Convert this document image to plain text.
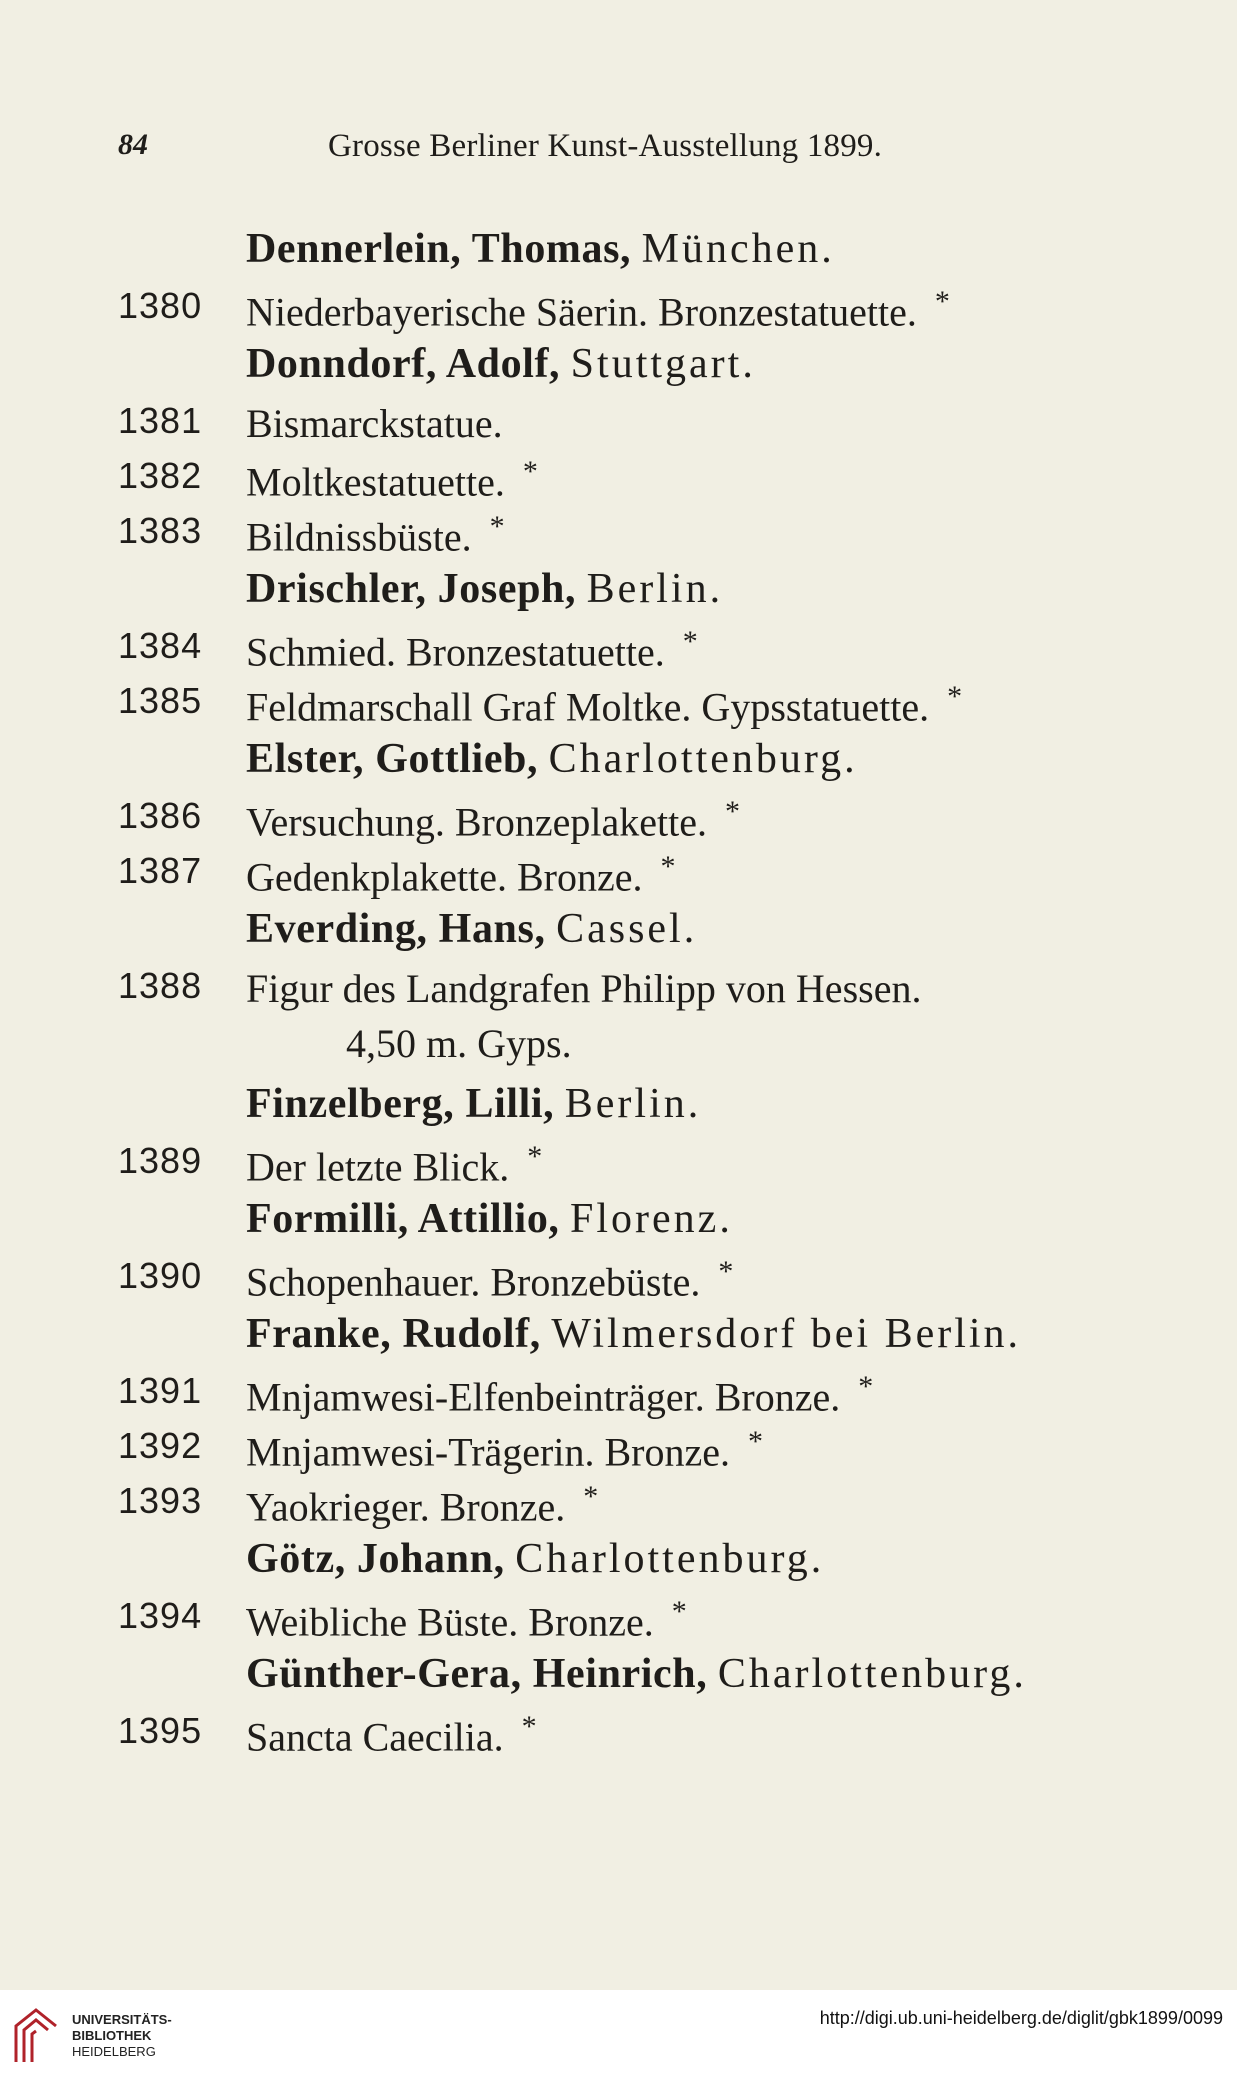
84	Grosse Berliner Kunst-Ausstellung 1899.
Dennerlein, Thomas, München.
1380	Niederbayerische Säerin. Bronzestatuette. *
Donndorf, Adolf, Stuttgart.
1381	Bismarckstatue.
1382	Moltkestatuette. *
1383	Bildnissbüste. *
Drischler, Joseph, Berlin.
1384	Schmied. Bronzestatuette. *
1385	Feldmarschall Graf Moltke. Gypsstatuette. *
Elster, Gottlieb, Charlottenburg.
1386	Versuchung. Bronzeplakette. *
1387	Gedenkplakette. Bronze. *
Everding, Hans, Cassel.
1388	Figur des Landgrafen Philipp von Hessen.
4,50 m. Gyps.
Finzelberg, Lilli, Berlin.
1389	Der letzte Blick. *
Formilli, Attillio, Florenz.
1390	Schopenhauer. Bronzebüste. *
Franke, Rudolf, Wilmersdorf bei Berlin.
1391	Mnjamwesi-Elfenbeinträger. Bronze. *
1392	Mnjamwesi-Trägerin. Bronze. *
1393	Yaokrieger. Bronze. *
Götz, Johann, Charlottenburg.
1394	Weibliche Büste. Bronze. *
Günther-Gera, Heinrich, Charlottenburg.
1395	Sancta Caecilia. *
UNIVERSITÄTS-
BIBLIOTHEK
HEIDELBERG
http://digi.ub.uni-heidelberg.de/diglit/gbk1899/0099
